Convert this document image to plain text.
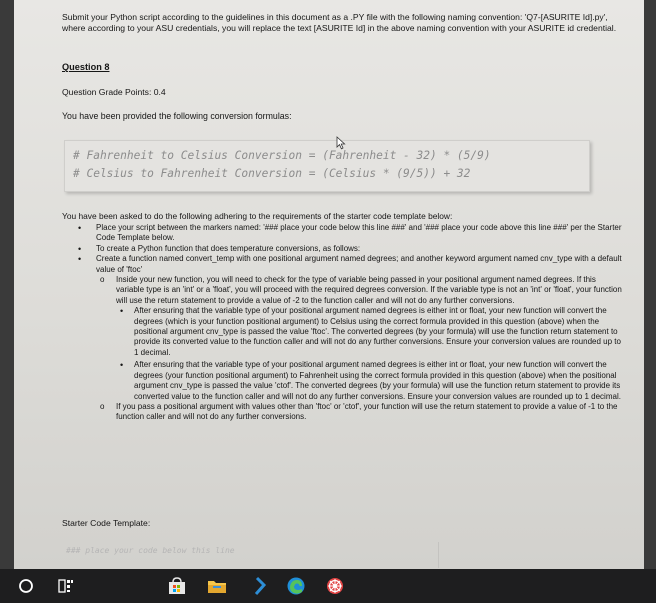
Submit your Python script according to the guidelines in this document as a .PY file with the following naming convention: 'Q7-[ASURITE Id].py', where according to your ASU credentials, you will replace the text [ASURITE Id] in the above naming convention with your ASURITE id credential.

Question 8

Question Grade Points: 0.4

You have been provided the following conversion formulas:

# Fahrenheit to Celsius Conversion = (Fahrenheit - 32) * (5/9)
# Celsius to Fahrenheit Conversion = (Celsius * (9/5)) + 32

You have been asked to do the following adhering to the requirements of the starter code template below:

• Place your script between the markers named: '### place your code below this line ###' and '### place your code above this line ###' per the Starter Code Template below.
• To create a Python function that does temperature conversions, as follows:
• Create a function named convert_temp with one positional argument named degrees; and another keyword argument named cnv_type with a default value of 'ftoc'
o Inside your new function, you will need to check for the type of variable being passed in your positional argument named degrees. If this variable type is an 'int' or a 'float', you will proceed with the required degrees conversion. If the variable type is not an 'int' or 'float', your function will use the return statement to provide a value of -2 to the function caller and will not do any further conversions.
• After ensuring that the variable type of your positional argument named degrees is either int or float, your new function will convert the degrees (which is your function positional argument) to Celsius using the correct formula provided in this question (above) when the positional argument cnv_type is passed the value 'ftoc'. The converted degrees (by your formula) will use the function return statement to provide its converted value to the function caller and will not do any further conversions. Ensure your conversion values are rounded up to 1 decimal.
• After ensuring that the variable type of your positional argument named degrees is either int or float, your new function will convert the degrees (your function positional argument) to Fahrenheit using the correct formula provided in this question (above) when the positional argument cnv_type is passed the value 'ctof'. The converted degrees (by your formula) will use the function return statement to provide its converted value to the function caller and will not do any further conversions. Ensure your conversion values are rounded up to 1 decimal.
o If you pass a positional argument with values other than 'ftoc' or 'ctof', your function will use the return statement to provide a value of -1 to the function caller and will not do any further conversions.

Starter Code Template:

### place your code below this line
